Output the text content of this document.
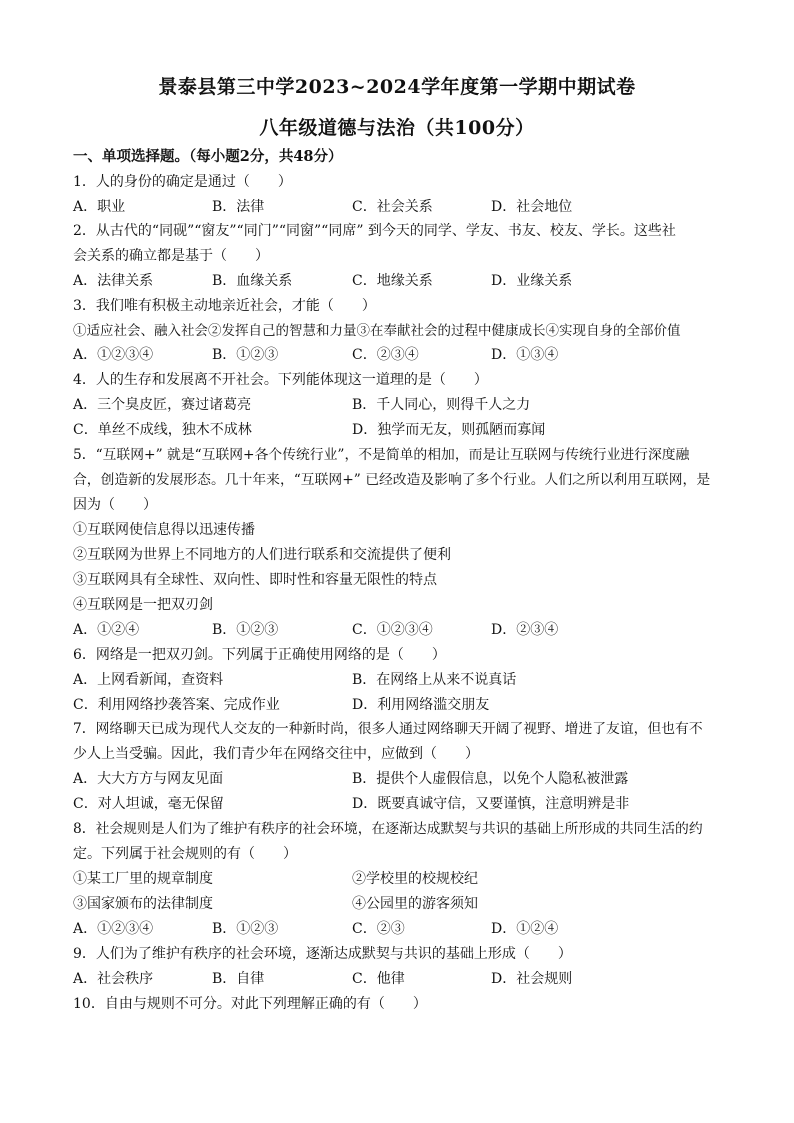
景泰县第三中学2023~2024学年度第一学期中期试卷
八年级道德与法治（共100分）
一、单项选择题。（每小题2分，共48分）
1．人的身份的确定是通过（　　）
A．职业	B．法律	C．社会关系	D．社会地位
2．从古代的“同砚”“窗友”“同门”“同窗”“同席” 到今天的同学、学友、书友、校友、学长。这些社
会关系的确立都是基于（　　）
A．法律关系	B．血缘关系	C．地缘关系	D．业缘关系
3．我们唯有积极主动地亲近社会，才能（　　）
①适应社会、融入社会②发挥自己的智慧和力量③在奉献社会的过程中健康成长④实现自身的全部价值
A．①②③④	B．①②③	C．②③④	D．①③④
4．人的生存和发展离不开社会。下列能体现这一道理的是（　　）
A．三个臭皮匠，赛过诸葛亮	B．千人同心，则得千人之力
C．单丝不成线，独木不成林	D．独学而无友，则孤陋而寡闻
5．“互联网+” 就是“互联网+各个传统行业”，不是简单的相加，而是让互联网与传统行业进行深度融
合，创造新的发展形态。几十年来，“互联网+” 已经改造及影响了多个行业。人们之所以利用互联网，是
因为（　　）
①互联网使信息得以迅速传播
②互联网为世界上不同地方的人们进行联系和交流提供了便利
③互联网具有全球性、双向性、即时性和容量无限性的特点
④互联网是一把双刃剑
A．①②④	B．①②③	C．①②③④	D．②③④
6．网络是一把双刃剑。下列属于正确使用网络的是（　　）
A．上网看新闻，查资料	B．在网络上从来不说真话
C．利用网络抄袭答案、完成作业	D．利用网络滥交朋友
7．网络聊天已成为现代人交友的一种新时尚，很多人通过网络聊天开阔了视野、增进了友谊，但也有不
少人上当受骗。因此，我们青少年在网络交往中，应做到（　　）
A．大大方方与网友见面	B．提供个人虚假信息，以免个人隐私被泄露
C．对人坦诚，毫无保留	D．既要真诚守信，又要谨慎，注意明辨是非
8．社会规则是人们为了维护有秩序的社会环境，在逐渐达成默契与共识的基础上所形成的共同生活的约
定。下列属于社会规则的有（　　）
①某工厂里的规章制度	②学校里的校规校纪
③国家颁布的法律制度	④公园里的游客须知
A．①②③④	B．①②③	C．②③	D．①②④
9．人们为了维护有秩序的社会环境，逐渐达成默契与共识的基础上形成（　　）
A．社会秩序	B．自律	C．他律	D．社会规则
10．自由与规则不可分。对此下列理解正确的有（　　）
